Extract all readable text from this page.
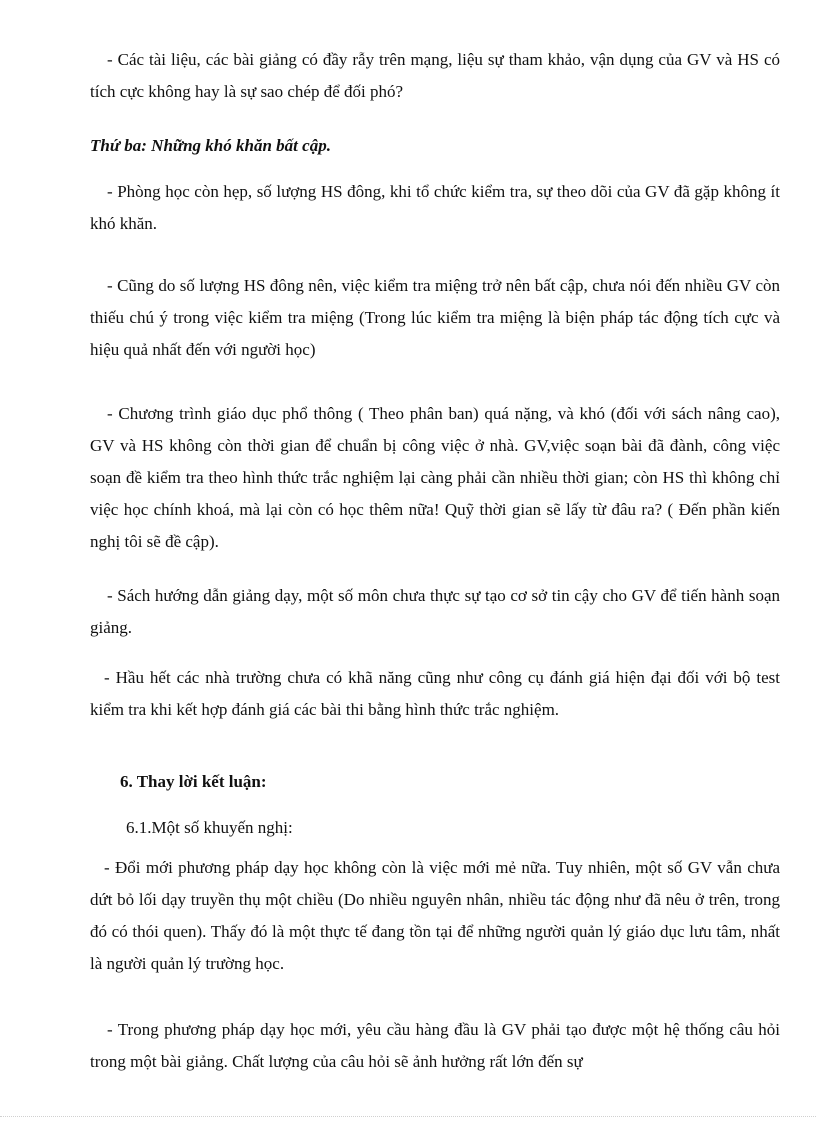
- Các tài liệu, các bài giảng có đầy rẫy trên mạng, liệu sự tham khảo, vận dụng của GV và HS có tích cực không hay là sự sao chép để đối phó?

Thứ ba: Những khó khăn bất cập.

- Phòng học còn hẹp, số lượng HS đông, khi tổ chức kiểm tra, sự theo dõi của GV đã gặp không ít khó khăn.

- Cũng do số lượng HS đông nên, việc kiểm tra miệng trở nên bất cập, chưa nói đến nhiều GV còn thiếu chú ý trong việc kiểm tra miệng (Trong lúc kiểm tra miệng là biện pháp tác động tích cực và hiệu quả nhất đến với người học)

- Chương trình giáo dục phổ thông ( Theo phân ban) quá nặng, và khó (đối với sách nâng cao), GV và HS không còn thời gian để chuẩn bị công việc ở nhà. GV,việc soạn bài đã đành, công việc soạn đề kiểm tra theo hình thức trắc nghiệm lại càng phải cần nhiều thời gian; còn HS thì không chỉ việc học chính khoá, mà lại còn có học thêm nữa! Quỹ thời gian sẽ lấy từ đâu ra? ( Đến phần kiến nghị tôi sẽ đề cập).

- Sách hướng dẫn giảng dạy, một số môn chưa thực sự tạo cơ sở tin cậy cho GV để tiến hành soạn giảng.

- Hầu hết các nhà trường chưa có khã năng cũng như công cụ đánh giá hiện đại đối với bộ test kiểm tra khi kết hợp đánh giá các bài thi bằng hình thức trắc nghiệm.

6. Thay lời kết luận:

6.1.Một số khuyến nghị:

- Đổi mới phương pháp dạy học không còn là việc mới mẻ nữa. Tuy nhiên, một số GV vẫn chưa dứt bỏ lối dạy truyền thụ một chiều (Do nhiều nguyên nhân, nhiều tác động như đã nêu ở trên, trong đó có thói quen). Thấy đó là một thực tế đang tồn tại để những người quản lý giáo dục lưu tâm, nhất là người quản lý trường học.

- Trong phương pháp dạy học mới, yêu cầu hàng đầu là GV phải tạo được một hệ thống câu hỏi trong một bài giảng. Chất lượng của câu hỏi sẽ ảnh hưởng rất lớn đến sự
